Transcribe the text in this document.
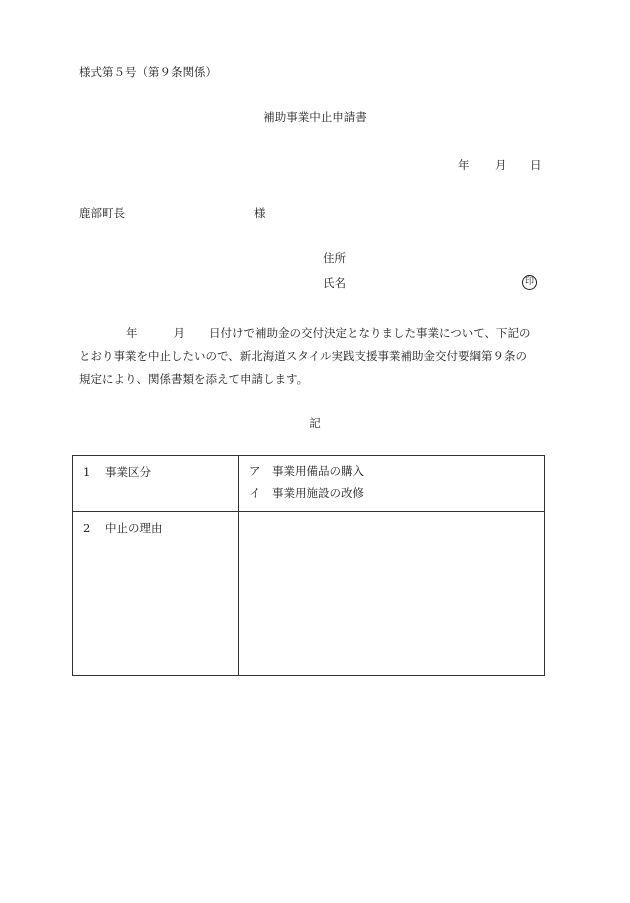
様式第５号（第９条関係）
補助事業中止申請書
年 月 日
鹿部町長	様
住所
氏名	印
年	月 日付けで補助金の交付決定となりました事業について、下記の
とおり事業を中止したいので、新北海道スタイル実践支援事業補助金交付要綱第９条の
規定により、関係書類を添えて申請します。
記
1 事業区分	ア　事業用備品の購入
イ　事業用施設の改修

2 中止の理由	
